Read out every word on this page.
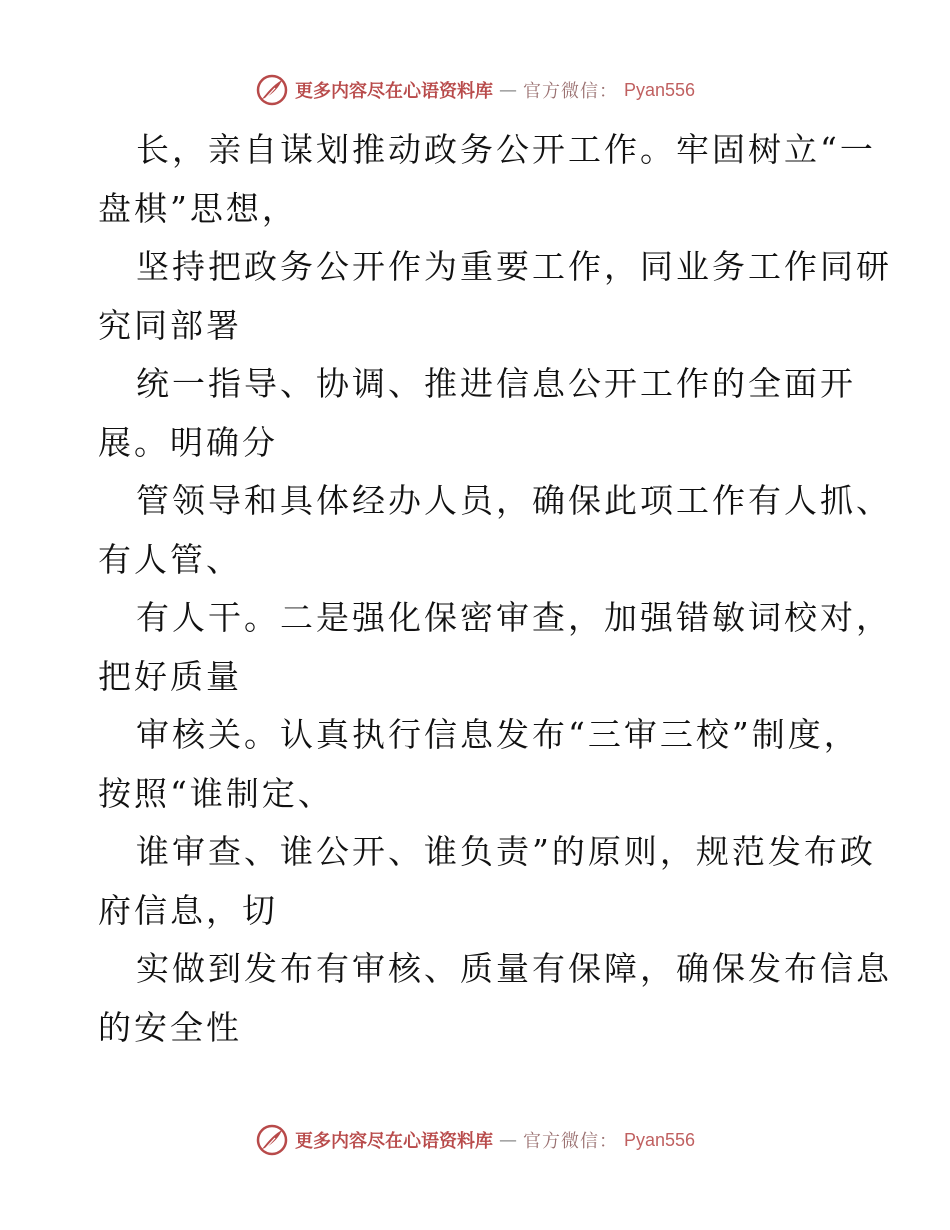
更多内容尽在心语资料库 — 官方微信： Pyan556
长，亲自谋划推动政务公开工作。牢固树立“一
盘棋”思想，
坚持把政务公开作为重要工作，同业务工作同研
究同部署
统一指导、协调、推进信息公开工作的全面开
展。明确分
管领导和具体经办人员，确保此项工作有人抓、
有人管、
有人干。二是强化保密审查，加强错敏词校对，
把好质量
审核关。认真执行信息发布“三审三校”制度，
按照“谁制定、
谁审查、谁公开、谁负责”的原则，规范发布政
府信息，切
实做到发布有审核、质量有保障，确保发布信息
的安全性
更多内容尽在心语资料库 — 官方微信： Pyan556
